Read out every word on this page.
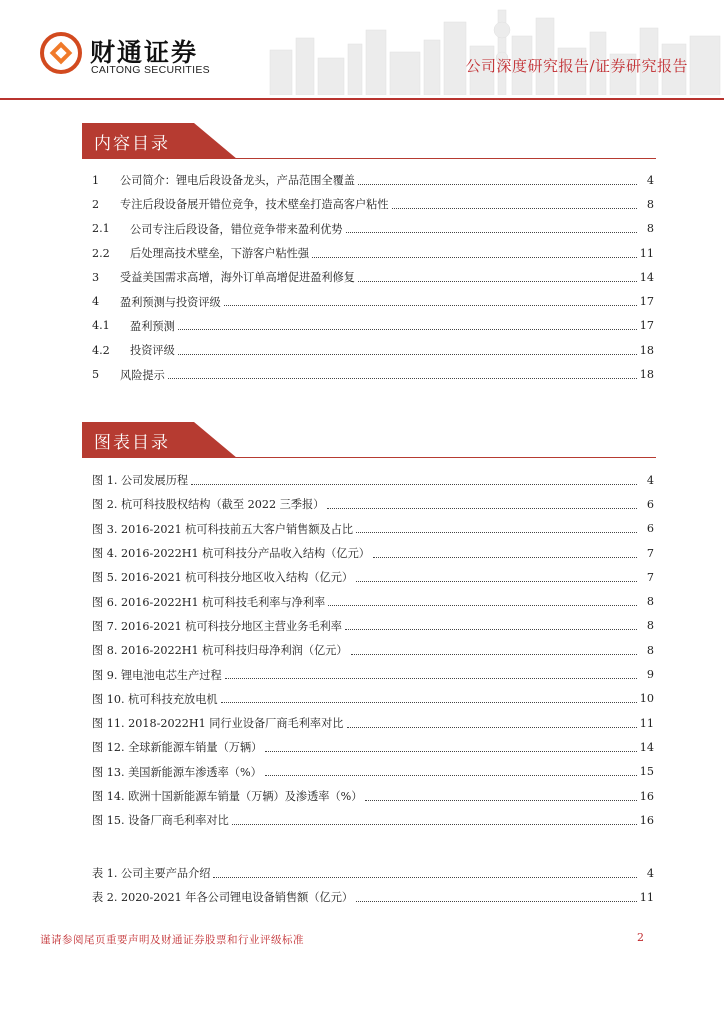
财通证券
CAITONG SECURITIES	公司深度研究报告/证券研究报告
内容目录
1	公司简介：锂电后段设备龙头，产品范围全覆盖	4
2	专注后段设备展开错位竞争，技术壁垒打造高客户粘性	8
2.1	公司专注后段设备，错位竞争带来盈利优势	8
2.2	后处理高技术壁垒，下游客户粘性强	11
3	受益美国需求高增，海外订单高增促进盈利修复	14
4	盈利预测与投资评级	17
4.1	盈利预测	17
4.2	投资评级	18
5	风险提示	18
图表目录
图 1. 公司发展历程	4
图 2. 杭可科技股权结构（截至 2022 三季报）	6
图 3. 2016-2021 杭可科技前五大客户销售额及占比	6
图 4. 2016-2022H1 杭可科技分产品收入结构（亿元）	7
图 5. 2016-2021 杭可科技分地区收入结构（亿元）	7
图 6. 2016-2022H1 杭可科技毛利率与净利率	8
图 7. 2016-2021 杭可科技分地区主营业务毛利率	8
图 8. 2016-2022H1 杭可科技归母净利润（亿元）	8
图 9. 锂电池电芯生产过程	9
图 10. 杭可科技充放电机	10
图 11. 2018-2022H1 同行业设备厂商毛利率对比	11
图 12. 全球新能源车销量（万辆）	14
图 13. 美国新能源车渗透率（%）	15
图 14. 欧洲十国新能源车销量（万辆）及渗透率（%）	16
图 15. 设备厂商毛利率对比	16
表 1. 公司主要产品介绍	4
表 2. 2020-2021 年各公司锂电设备销售额（亿元）	11
谨请参阅尾页重要声明及财通证券股票和行业评级标准	2
